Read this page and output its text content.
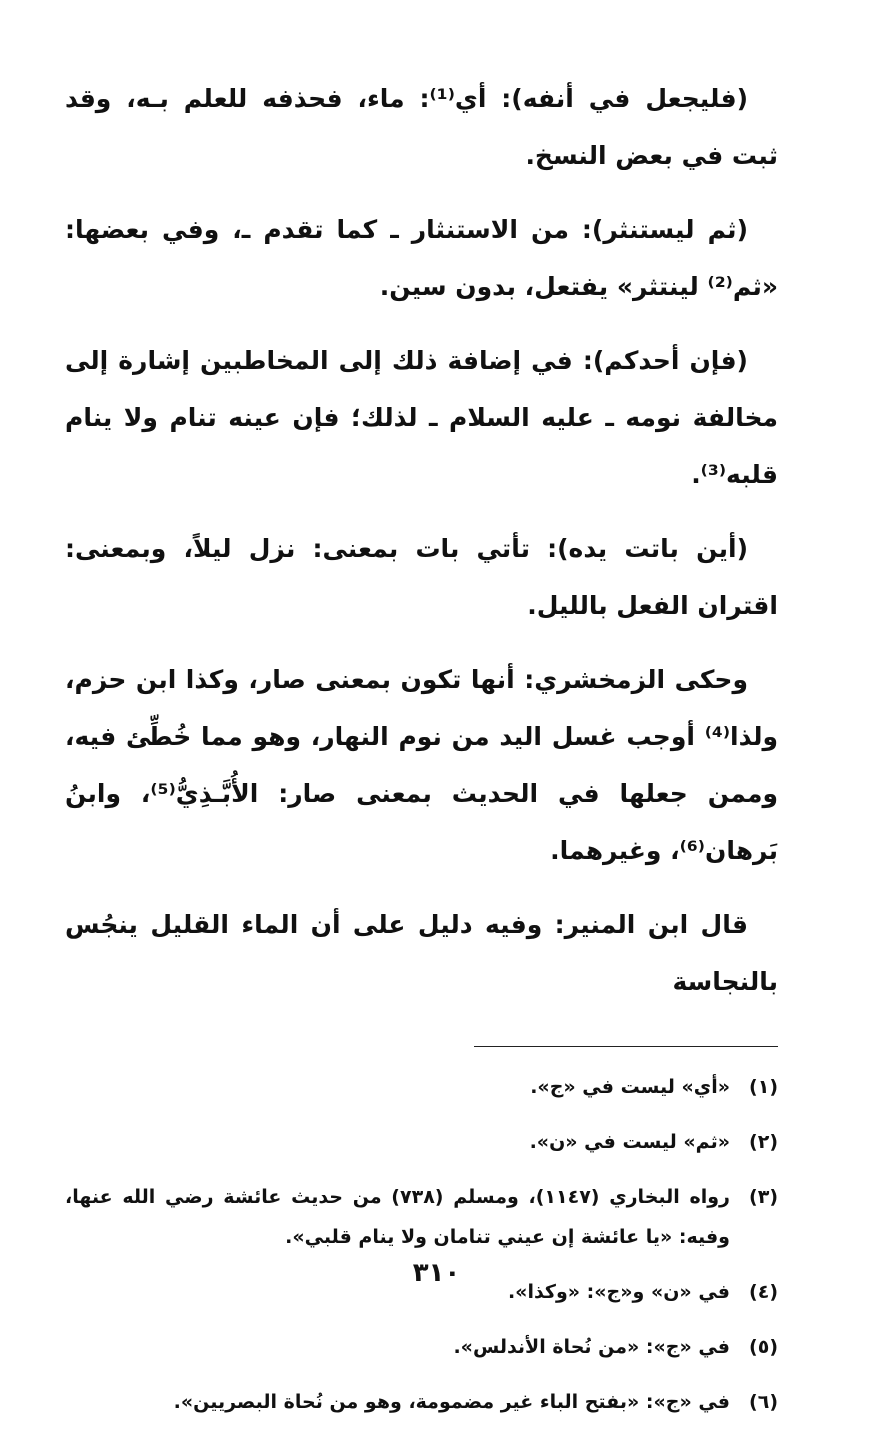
(فليجعل في أنفه): أي⁽¹⁾: ماء، فحذفه للعلم بـه، وقد ثبت في بعض النسخ.

(ثم ليستنثر): من الاستنثار ـ كما تقدم ـ، وفي بعضها: «ثم⁽²⁾ لينتثر» يفتعل، بدون سين.

(فإن أحدكم): في إضافة ذلك إلى المخاطبين إشارة إلى مخالفة نومه ـ عليه السلام ـ لذلك؛ فإن عينه تنام ولا ينام قلبه⁽³⁾.

(أين باتت يده): تأتي بات بمعنى: نزل ليلاً، وبمعنى: اقتران الفعل بالليل.

وحكى الزمخشري: أنها تكون بمعنى صار، وكذا ابن حزم، ولذا⁽⁴⁾ أوجب غسل اليد من نوم النهار، وهو مما خُطِّئ فيه، وممن جعلها في الحديث بمعنى صار: الأُبَّـذِيُّ⁽⁵⁾، وابنُ بَرهان⁽⁶⁾، وغيرهما.

قال ابن المنير: وفيه دليل على أن الماء القليل ينجُس بالنجاسة

(١)
«أي» ليست في «ج».
(٢)
«ثم» ليست في «ن».
(٣)
رواه البخاري (١١٤٧)، ومسلم (٧٣٨) من حديث عائشة رضي الله عنها، وفيه: «يا عائشة إن عيني تنامان ولا ينام قلبي».
(٤)
في «ن» و«ج»: «وكذا».
(٥)
في «ج»: «من نُحاة الأندلس».
(٦)
في «ج»: «بفتح الباء غير مضمومة، وهو من نُحاة البصريين».
٣١٠
